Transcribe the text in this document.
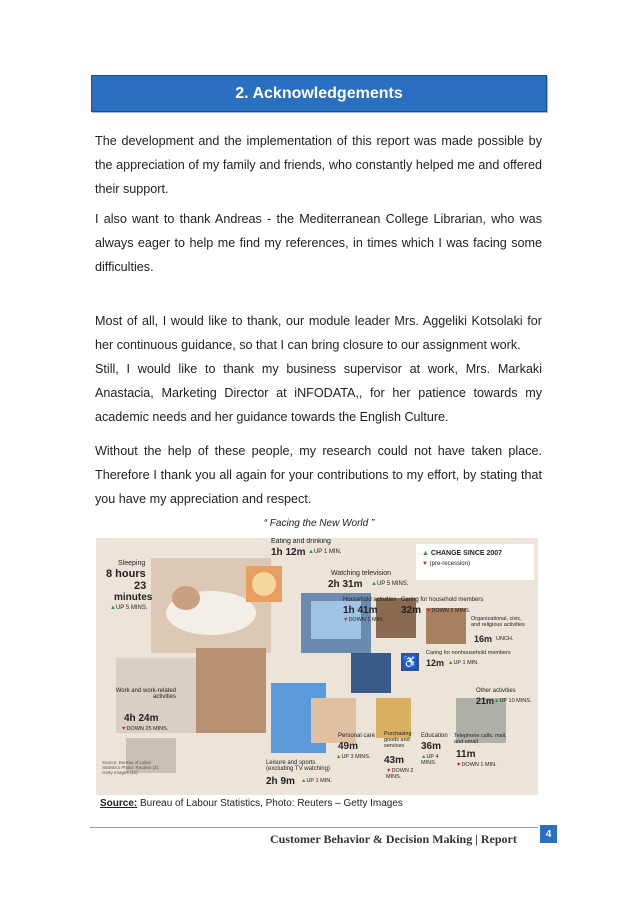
2. Acknowledgements

The development and the implementation of this report was made possible by the appreciation of my family and friends, who constantly helped me and offered their support.

I also want to thank Andreas - the Mediterranean College Librarian, who was always eager to help me find my references, in times which I was facing some difficulties.

Most of all, I would like to thank, our module leader Mrs. Aggeliki Kotsolaki for her continuous guidance, so that I can bring closure to our assignment work.

Still, I would like to thank my business supervisor at work, Mrs. Markaki Anastacia, Marketing Director at iNFODATA,, for her patience towards my academic needs and her guidance towards the English Culture.

Without the help of these people, my research could not have taken place. Therefore I thank you all again for your contributions to my effort, by stating that you have my appreciation and respect.

“ Facing the New World ”
♿
Sleeping
8 hours
23
minutes
▲UP 5 MINS.
Eating and drinking
1h 12m ▲UP 1 MIN.
Watching television
2h 31m ▲UP 5 MINS.
▲ CHANGE SINCE 2007
▼ (pre-recession)
Household activities
1h 41m
▼DOWN 1 MIN.
Caring for household members
32m ▼DOWN 2 MINS.
Organizational, civic, and religious activities
16m UNCH.
Caring for nonhousehold members
12m ▲UP 1 MIN.
Work and work-related activities
4h 24m
▼DOWN 25 MINS.
Other activities
21m ▲UP 10 MINS.
Personal care
49m
▲UP 3 MINS.
Purchasing goods and services
43m
▼DOWN 2 MINS.
Education
36m
▲UP 4 MINS.
Telephone calls, mail, and email
11m
▼DOWN 1 MIN.
Leisure and sports (excluding TV watching)
2h 9m ▲UP 1 MIN.
Source: Bureau of Labor Statistics Photo: Reuters (2), Getty Images (11)
Source: Bureau of Labour Statistics, Photo: Reuters – Getty Images
Customer Behavior & Decision Making | Report	4
